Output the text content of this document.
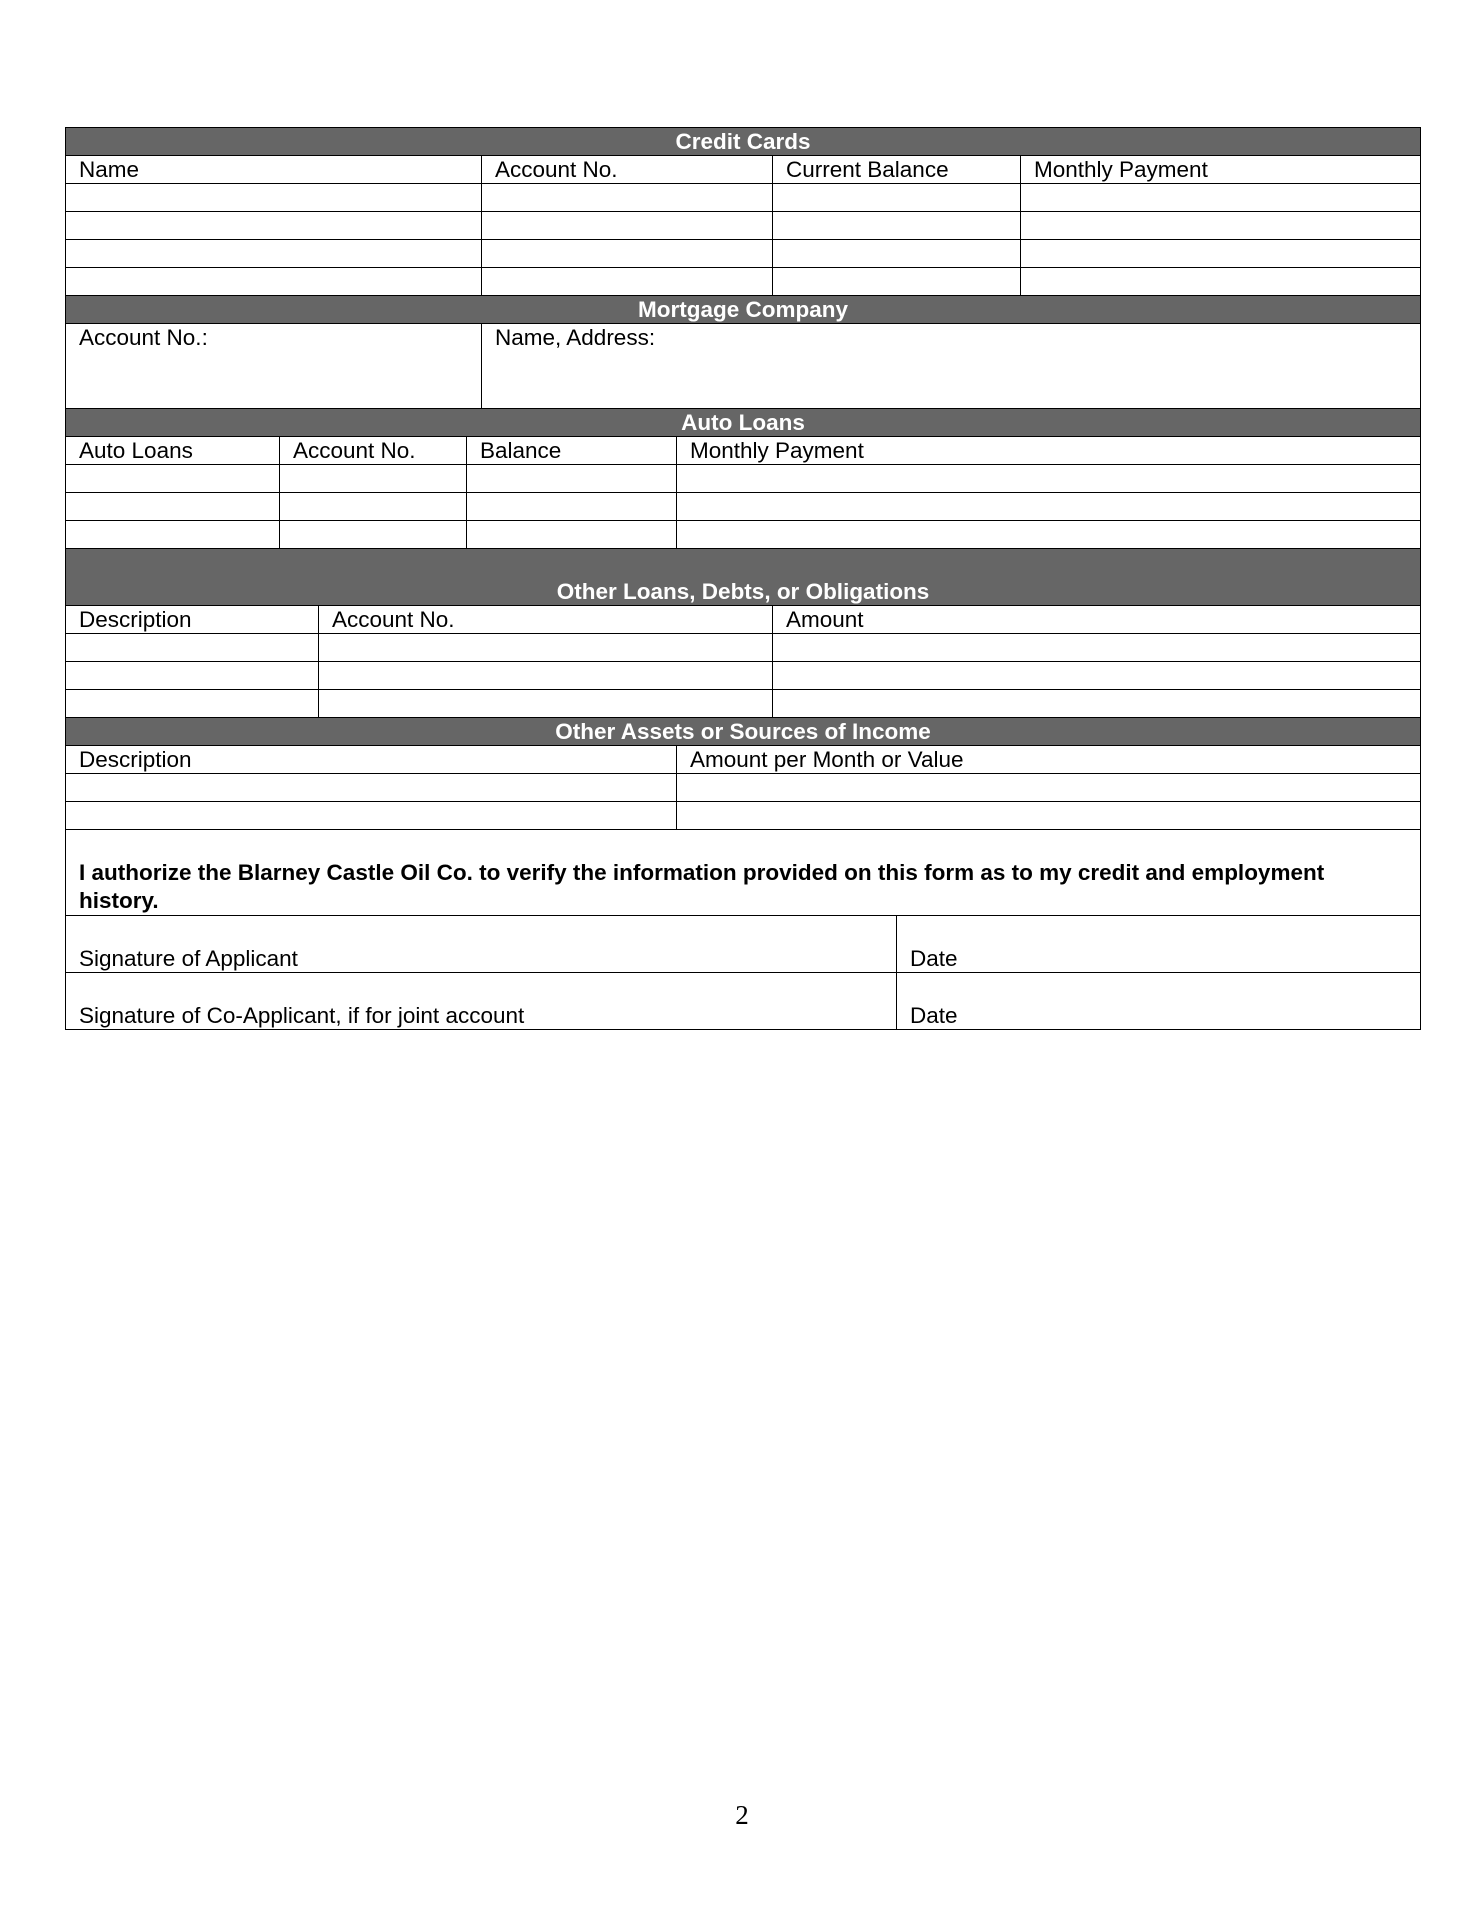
Credit Cards								
Name				Account No.		Current Balance		Monthly Payment

Mortgage Company								
Account No.:				Name, Address:				
Auto Loans								
Auto Loans	Account No.		Balance		Monthly Payment			

Other Loans, Debts, or Obligations								
Description		Account No.				Amount		

Other Assets or Sources of Income								
Description					Amount per Month or Value			

I authorize the Blarney Castle Oil Co. to verify the information provided on this form as to my credit and employment history.								
Signature of Applicant							Date	
Signature of Co-Applicant, if for joint account							Date	
2
